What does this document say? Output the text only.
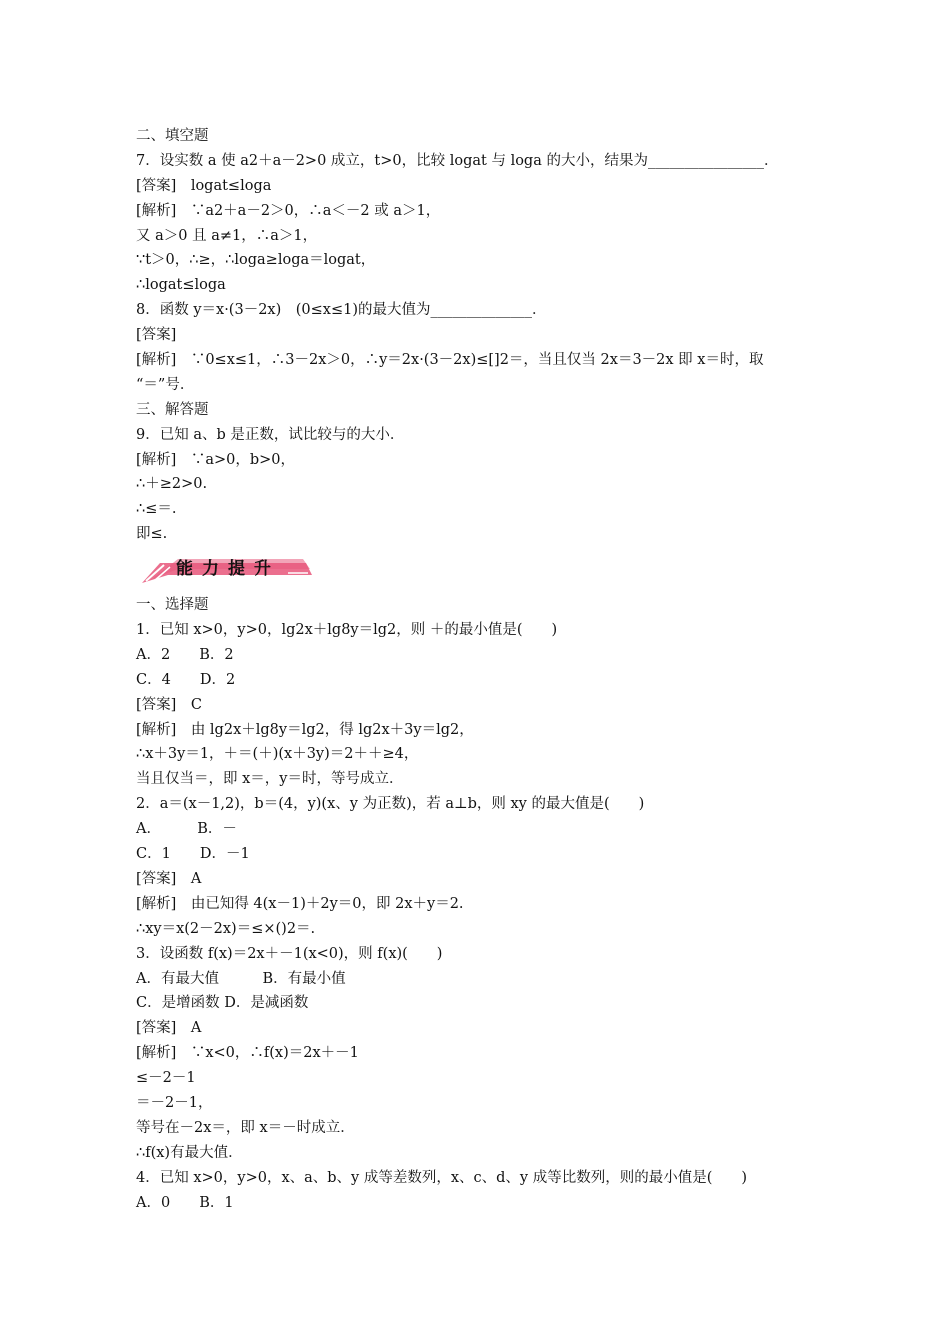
二、填空题
7．设实数 a 使 a2＋a－2>0 成立，t>0，比较 logat 与 loga 的大小，结果为________________．
[答案]　logat≤loga
[解析]　∵a2＋a－2＞0，∴a＜－2 或 a＞1，
又 a＞0 且 a≠1，∴a＞1，
∵t＞0，∴≥，∴loga≥loga＝logat，
∴logat≤loga
8．函数 y＝x·(3－2x)　(0≤x≤1)的最大值为______________．
[答案]
[解析]　∵0≤x≤1，∴3－2x＞0，∴y＝2x·(3－2x)≤[]2＝，当且仅当 2x＝3－2x 即 x＝时，取
“＝”号．
三、解答题
9．已知 a、b 是正数，试比较与的大小．
[解析]　∵a>0，b>0，
∴＋≥2>0.
∴≤＝.
即≤.
能力提升
一、选择题
1．已知 x>0，y>0，lg2x＋lg8y＝lg2，则 ＋的最小值是(　　)
A．2　　B．2
C．4　　D．2
[答案]　C
[解析]　由 lg2x＋lg8y＝lg2，得 lg2x＋3y＝lg2，
∴x＋3y＝1，＋＝(＋)(x＋3y)＝2＋＋≥4，
当且仅当＝，即 x＝，y＝时，等号成立．
2．a＝(x－1,2)，b＝(4，y)(x、y 为正数)，若 a⊥b，则 xy 的最大值是(　　)
A．　　　B．－
C．1　　D．－1
[答案]　A
[解析]　由已知得 4(x－1)＋2y＝0，即 2x＋y＝2.
∴xy＝x(2－2x)＝≤×()2＝.
3．设函数 f(x)＝2x＋－1(x<0)，则 f(x)(　　)
A．有最大值　　　B．有最小值
C．是增函数 D．是减函数
[答案]　A
[解析]　∵x<0，∴f(x)＝2x＋－1
≤－2－1
＝－2－1，
等号在－2x＝，即 x＝－时成立．
∴f(x)有最大值．
4．已知 x>0，y>0，x、a、b、y 成等差数列，x、c、d、y 成等比数列，则的最小值是(　　)
A．0　　B．1
